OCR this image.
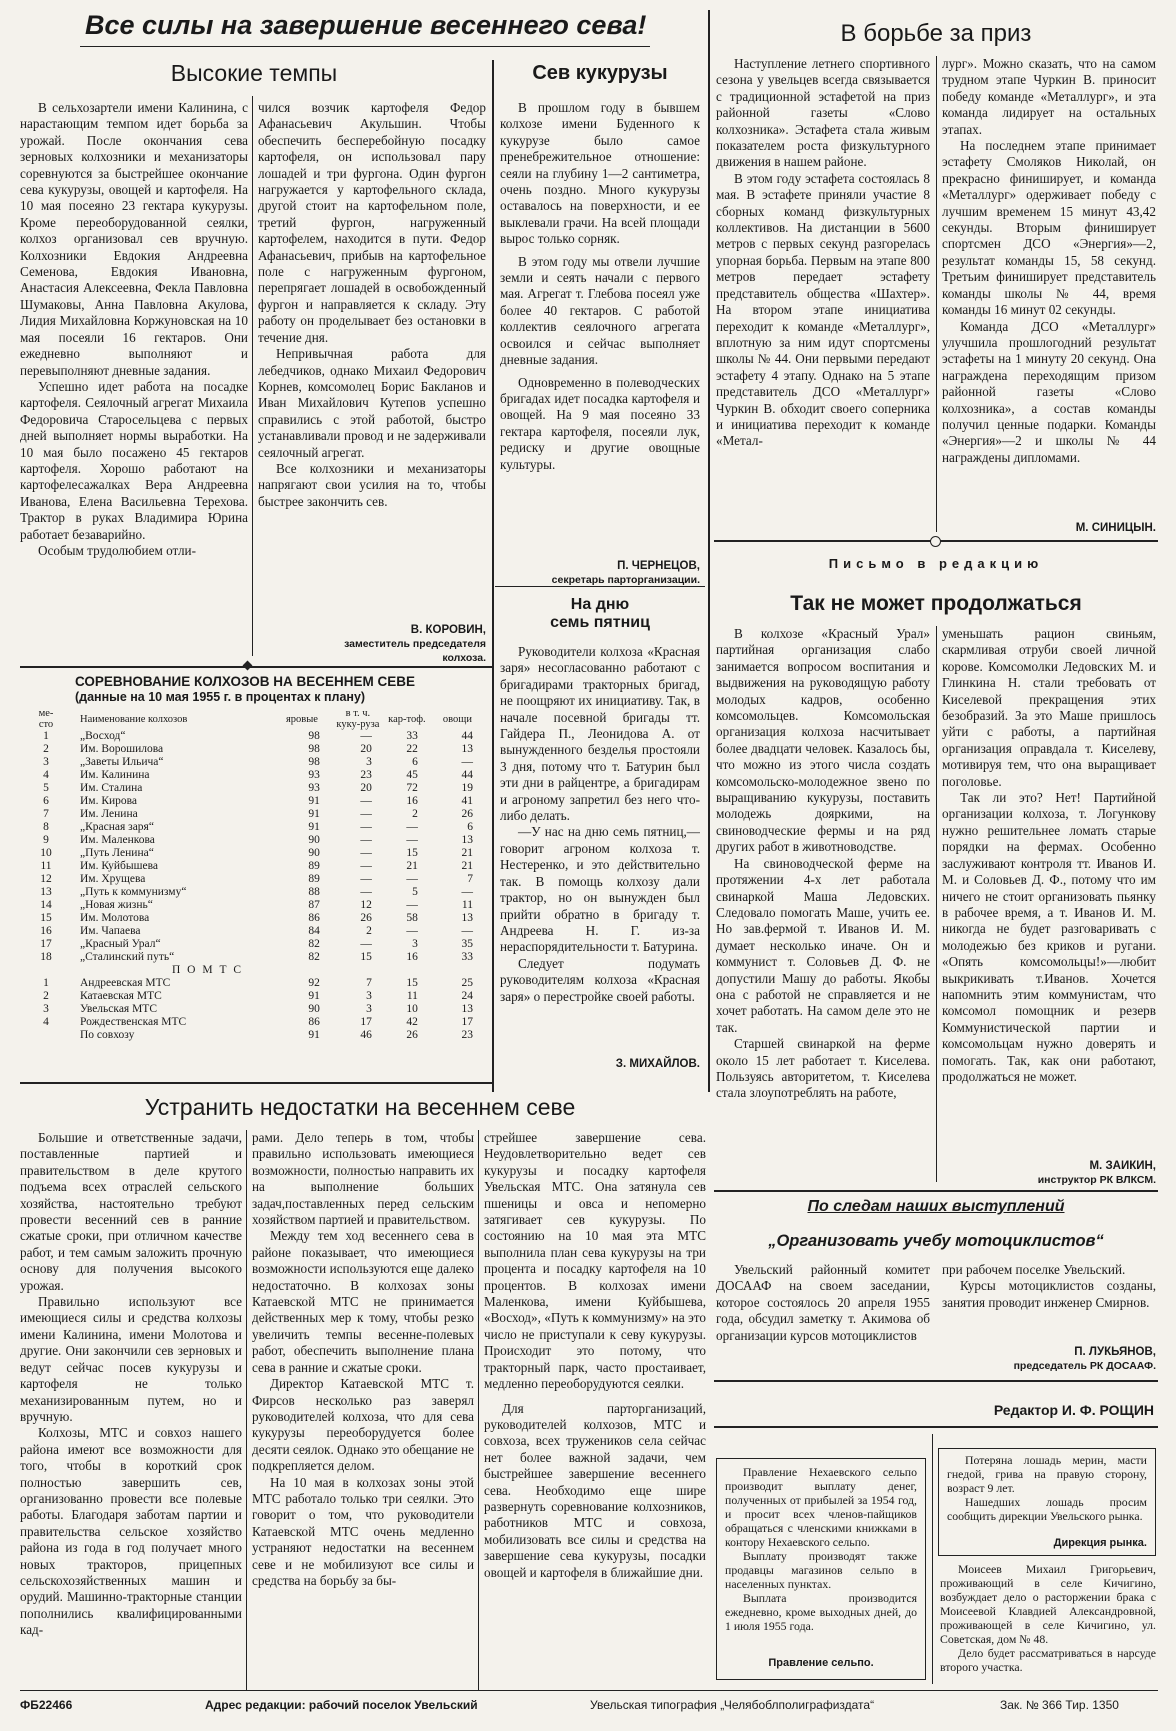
Все силы на завершение весеннего сева!
Высокие темпы

В сельхозартели имени Калинина, с нарастающим темпом идет борьба за урожай. После окончания сева зерновых колхозники и механизаторы соревнуются за быстрейшее окончание сева кукурузы, овощей и картофеля. На 10 мая посеяно 23 гектара кукурузы. Кроме переоборудованной сеялки, колхоз организовал сев вручную. Колхозники Евдокия Андреевна Семенова, Евдокия Ивановна, Анастасия Алексеевна, Фекла Павловна Шумаковы, Анна Павловна Акулова, Лидия Михайловна Коржуновская на 10 мая посеяли 16 гектаров. Они ежедневно выполняют и перевыполняют дневные задания.

Успешно идет работа на посадке картофеля. Сеялочный агрегат Михаила Федоровича Старосельцева с первых дней выполняет нормы выработки. На 10 мая было посажено 45 гектаров картофеля. Хорошо работают на картофелесажалках Вера Андреевна Иванова, Елена Васильевна Терехова. Трактор в руках Владимира Юрина работает безаварийно.

Особым трудолюбием отли-

чился возчик картофеля Федор Афанасьевич Акульшин. Чтобы обеспечить бесперебойную посадку картофеля, он использовал пару лошадей и три фургона. Один фургон нагружается у картофельного склада, другой стоит на картофельном поле, третий фургон, нагруженный картофелем, находится в пути. Федор Афанасьевич, прибыв на картофельное поле с нагруженным фургоном, перепрягает лошадей в освобожденный фургон и направляется к складу. Эту работу он проделывает без остановки в течение дня.

Непривычная работа для лебедчиков, однако Михаил Федорович Корнев, комсомолец Борис Бакланов и Иван Михайлович Кутепов успешно справились с этой работой, быстро устанавливали провод и не задерживали сеялочный агрегат.

Все колхозники и механизаторы напрягают свои усилия на то, чтобы быстрее закончить сев.

В. КОРОВИН,
заместитель председателя
колхоза.
СОРЕВНОВАНИЕ КОЛХОЗОВ НА ВЕСЕННЕМ СЕВЕ
(данные на 10 мая 1955 г. в процентах к плану)
ме-сто	Наименование колхозов	яровые	в т. ч. куку-руза	кар-тоф.	овощи
1	„Восход“	98	—	33	44
2	Им. Ворошилова	98	20	22	13
3	„Заветы Ильича“	98	3	6	—
4	Им. Калинина	93	23	45	44
5	Им. Сталина	93	20	72	19
6	Им. Кирова	91	—	16	41
7	Им. Ленина	91	—	2	26
8	„Красная заря“	91	—	—	6
9	Им. Маленкова	90	—	—	13
10	„Путь Ленина“	90	—	15	21
11	Им. Куйбышева	89	—	21	21
12	Им. Хрущева	89	—	—	7
13	„Путь к коммунизму“	88	—	5	—
14	„Новая жизнь“	87	12	—	11
15	Им. Молотова	86	26	58	13
16	Им. Чапаева	84	2	—	—
17	„Красный Урал“	82	—	3	35
18	„Сталинский путь“	82	15	16	33
	П О М Т С				
1	Андреевская МТС	92	7	15	25
2	Катаевская МТС	91	3	11	24
3	Увельская МТС	90	3	10	13
4	Рождественская МТС	86	17	42	17
	По совхозу	91	46	26	23
Сев кукурузы

В прошлом году в бывшем колхозе имени Буденного к кукурузе было самое пренебрежительное отношение: сеяли на глубину 1—2 сантиметра, очень поздно. Много кукурузы оставалось на поверхности, и ее выклевали грачи. На всей площади вырос только сорняк.

В этом году мы отвели лучшие земли и сеять начали с первого мая. Агрегат т. Глебова посеял уже более 40 гектаров. С работой коллектив сеялочного агрегата освоился и сейчас выполняет дневные задания.

Одновременно в полеводческих бригадах идет посадка картофеля и овощей. На 9 мая посеяно 33 гектара картофеля, посеяли лук, редиску и другие овощные культуры.

П. ЧЕРНЕЦОВ,
секретарь парторганизации.
На дню
семь пятниц

Руководители колхоза «Красная заря» несогласованно работают с бригадирами тракторных бригад, не поощряют их инициативу. Так, в начале посевной бригады тт. Гайдера П., Леонидова А. от вынужденного безделья простояли 3 дня, потому что т. Батурин был эти дни в райцентре, а бригадирам и агроному запретил без него что-либо делать.

—У нас на дню семь пятниц,—говорит агроном колхоза т. Нестеренко, и это действительно так. В помощь колхозу дали трактор, но он вынужден был прийти обратно в бригаду т. Андреева Н. Г. из-за нераспорядительности т. Батурина.

Следует подумать руководителям колхоза «Красная заря» о перестройке своей работы.

З. МИХАЙЛОВ.
Устранить недостатки на весеннем севе

Большие и ответственные задачи, поставленные партией и правительством в деле крутого подъема всех отраслей сельского хозяйства, настоятельно требуют провести весенний сев в ранние сжатые сроки, при отличном качестве работ, и тем самым заложить прочную основу для получения высокого урожая.

Правильно используют все имеющиеся силы и средства колхозы имени Калинина, имени Молотова и другие. Они закончили сев зерновых и ведут сейчас посев кукурузы и картофеля не только механизированным путем, но и вручную.

Колхозы, МТС и совхоз нашего района имеют все возможности для того, чтобы в короткий срок полностью завершить сев, организованно провести все полевые работы. Благодаря заботам партии и правительства сельское хозяйство района из года в год получает много новых тракторов, прицепных сельскохозяйственных машин и орудий. Машинно-тракторные станции пополнились квалифицированными кад-

рами. Дело теперь в том, чтобы правильно использовать имеющиеся возможности, полностью направить их на выполнение больших задач,поставленных перед сельским хозяйством партией и правительством.

Между тем ход весеннего сева в районе показывает, что имеющиеся возможности используются еще далеко недостаточно. В колхозах зоны Катаевской МТС не принимается действенных мер к тому, чтобы резко увеличить темпы весенне-полевых работ, обеспечить выполнение плана сева в ранние и сжатые сроки.

Директор Катаевской МТС т. Фирсов несколько раз заверял руководителей колхоза, что для сева кукурузы переоборудуется более десяти сеялок. Однако это обещание не подкрепляется делом.

На 10 мая в колхозах зоны этой МТС работало только три сеялки. Это говорит о том, что руководители Катаевской МТС очень медленно устраняют недостатки на весеннем севе и не мобилизуют все силы и средства на борьбу за бы-

стрейшее завершение сева. Неудовлетворительно ведет сев кукурузы и посадку картофеля Увельская МТС. Она затянула сев пшеницы и овса и непомерно затягивает сев кукурузы. По состоянию на 10 мая эта МТС выполнила план сева кукурузы на три процента и посадку картофеля на 10 процентов. В колхозах имени Маленкова, имени Куйбышева, «Восход», «Путь к коммунизму» на это число не приступали к севу кукурузы. Происходит это потому, что тракторный парк, часто простаивает, медленно переоборудуются сеялки.

Для парторганизаций, руководителей колхозов, МТС и совхоза, всех тружеников села сейчас нет более важной задачи, чем быстрейшее завершение весеннего сева. Необходимо еще шире развернуть соревнование колхозников, работников МТС и совхоза, мобилизовать все силы и средства на завершение сева кукурузы, посадки овощей и картофеля в ближайшие дни.

В борьбе за приз

Наступление летнего спортивного сезона у увельцев всегда связывается с традиционной эстафетой на приз районной газеты «Слово колхозника». Эстафета стала живым показателем роста физкультурного движения в нашем районе.

В этом году эстафета состоялась 8 мая. В эстафете приняли участие 8 сборных команд физкультурных коллективов. На дистанции в 5600 метров с первых секунд разгорелась упорная борьба. Первым на этапе 800 метров передает эстафету представитель общества «Шахтер». На втором этапе инициатива переходит к команде «Металлург», вплотную за ним идут спортсмены школы № 44. Они первыми передают эстафету 4 этапу. Однако на 5 этапе представитель ДСО «Металлург» Чуркин В. обходит своего соперника и инициатива переходит к команде «Метал-

лург». Можно сказать, что на самом трудном этапе Чуркин В. приносит победу команде «Металлург», и эта команда лидирует на остальных этапах.

На последнем этапе принимает эстафету Смоляков Николай, он прекрасно финиширует, и команда «Металлург» одерживает победу с лучшим временем 15 минут 43,42 секунды. Вторым финиширует спортсмен ДСО «Энергия»—2, результат команды 15, 58 секунд. Третьим финиширует представитель команды школы № 44, время команды 16 минут 02 секунды.

Команда ДСО «Металлург» улучшила прошлогодний результат эстафеты на 1 минуту 20 секунд. Она награждена переходящим призом районной газеты «Слово колхозника», а состав команды получил ценные подарки. Команды «Энергия»—2 и школы № 44 награждены дипломами.

М. СИНИЦЫН.
Письмо в редакцию
Так не может продолжаться

В колхозе «Красный Урал» партийная организация слабо занимается вопросом воспитания и выдвижения на руководящую работу молодых кадров, особенно комсомольцев. Комсомольская организация колхоза насчитывает более двадцати человек. Казалось бы, что можно из этого числа создать комсомольско-молодежное звено по выращиванию кукурузы, поставить молодежь дояркими, на свиноводческие фермы и на ряд других работ в животноводстве.

На свиноводческой ферме на протяжении 4-х лет работала свинаркой Маша Ледовских. Следовало помогать Маше, учить ее. Но зав.фермой т. Иванов И. М. думает несколько иначе. Он и коммунист т. Соловьев Д. Ф. не допустили Машу до работы. Якобы она с работой не справляется и не хочет работать. На самом деле это не так.

Старшей свинаркой на ферме около 15 лет работает т. Киселева. Пользуясь авторитетом, т. Киселева стала злоупотреблять на работе,

уменьшать рацион свиньям, скармливая отруби своей личной корове. Комсомолки Ледовских М. и Глинкина Н. стали требовать от Киселевой прекращения этих безобразий. За это Маше пришлось уйти с работы, а партийная организация оправдала т. Киселеву, мотивируя тем, что она выращивает поголовье.

Так ли это? Нет! Партийной организации колхоза, т. Логункову нужно решительнее ломать старые порядки на фермах. Особенно заслуживают контроля тт. Иванов И. М. и Соловьев Д. Ф., потому что им ничего не стоит организовать пьянку в рабочее время, а т. Иванов И. М. никогда не будет разговаривать с молодежью без криков и ругани. «Опять комсомольцы!»—любит выкрикивать т.Иванов. Хочется напомнить этим коммунистам, что комсомол помощник и резерв Коммунистической партии и комсомольцам нужно доверять и помогать. Так, как они работают, продолжаться не может.

М. ЗАИКИН,
инструктор РК ВЛКСМ.
По следам наших выступлений
„Организовать учебу мотоциклистов“

Увельский районный комитет ДОСААФ на своем заседании, которое состоялось 20 апреля 1955 года, обсудил заметку т. Акимова об организации курсов мотоциклистов

при рабочем поселке Увельский.

Курсы мотоциклистов созданы, занятия проводит инженер Смирнов.

П. ЛУКЬЯНОВ,
председатель РК ДОСААФ.
Редактор И. Ф. РОЩИН

Правление Нехаевского сельпо производит выплату денег, полученных от прибылей за 1954 год, и просит всех членов-пайщиков обращаться с членскими книжками в контору Нехаевского сельпо.

Выплату производят также продавцы магазинов сельпо в населенных пунктах.

Выплата производится ежедневно, кроме выходных дней, до 1 июля 1955 года.

Правление сельпо.

Потеряна лошадь мерин, масти гнедой, грива на правую сторону, возраст 9 лет.

Нашедших лошадь просим сообщить дирекции Увельского рынка.

Дирекция рынка.

Моисеев Михаил Григорьевич, проживающий в селе Кичигино, возбуждает дело о расторжении брака с Моисеевой Клавдией Александровной, проживающей в селе Кичигино, ул. Советская, дом № 48.

Дело будет рассматриваться в нарсуде второго участка.

ФБ22466	Адрес редакции: рабочий поселок Увельский	Увельская типография „Челябоблполиграфиздата“	Зак. № 366 Тир. 1350
